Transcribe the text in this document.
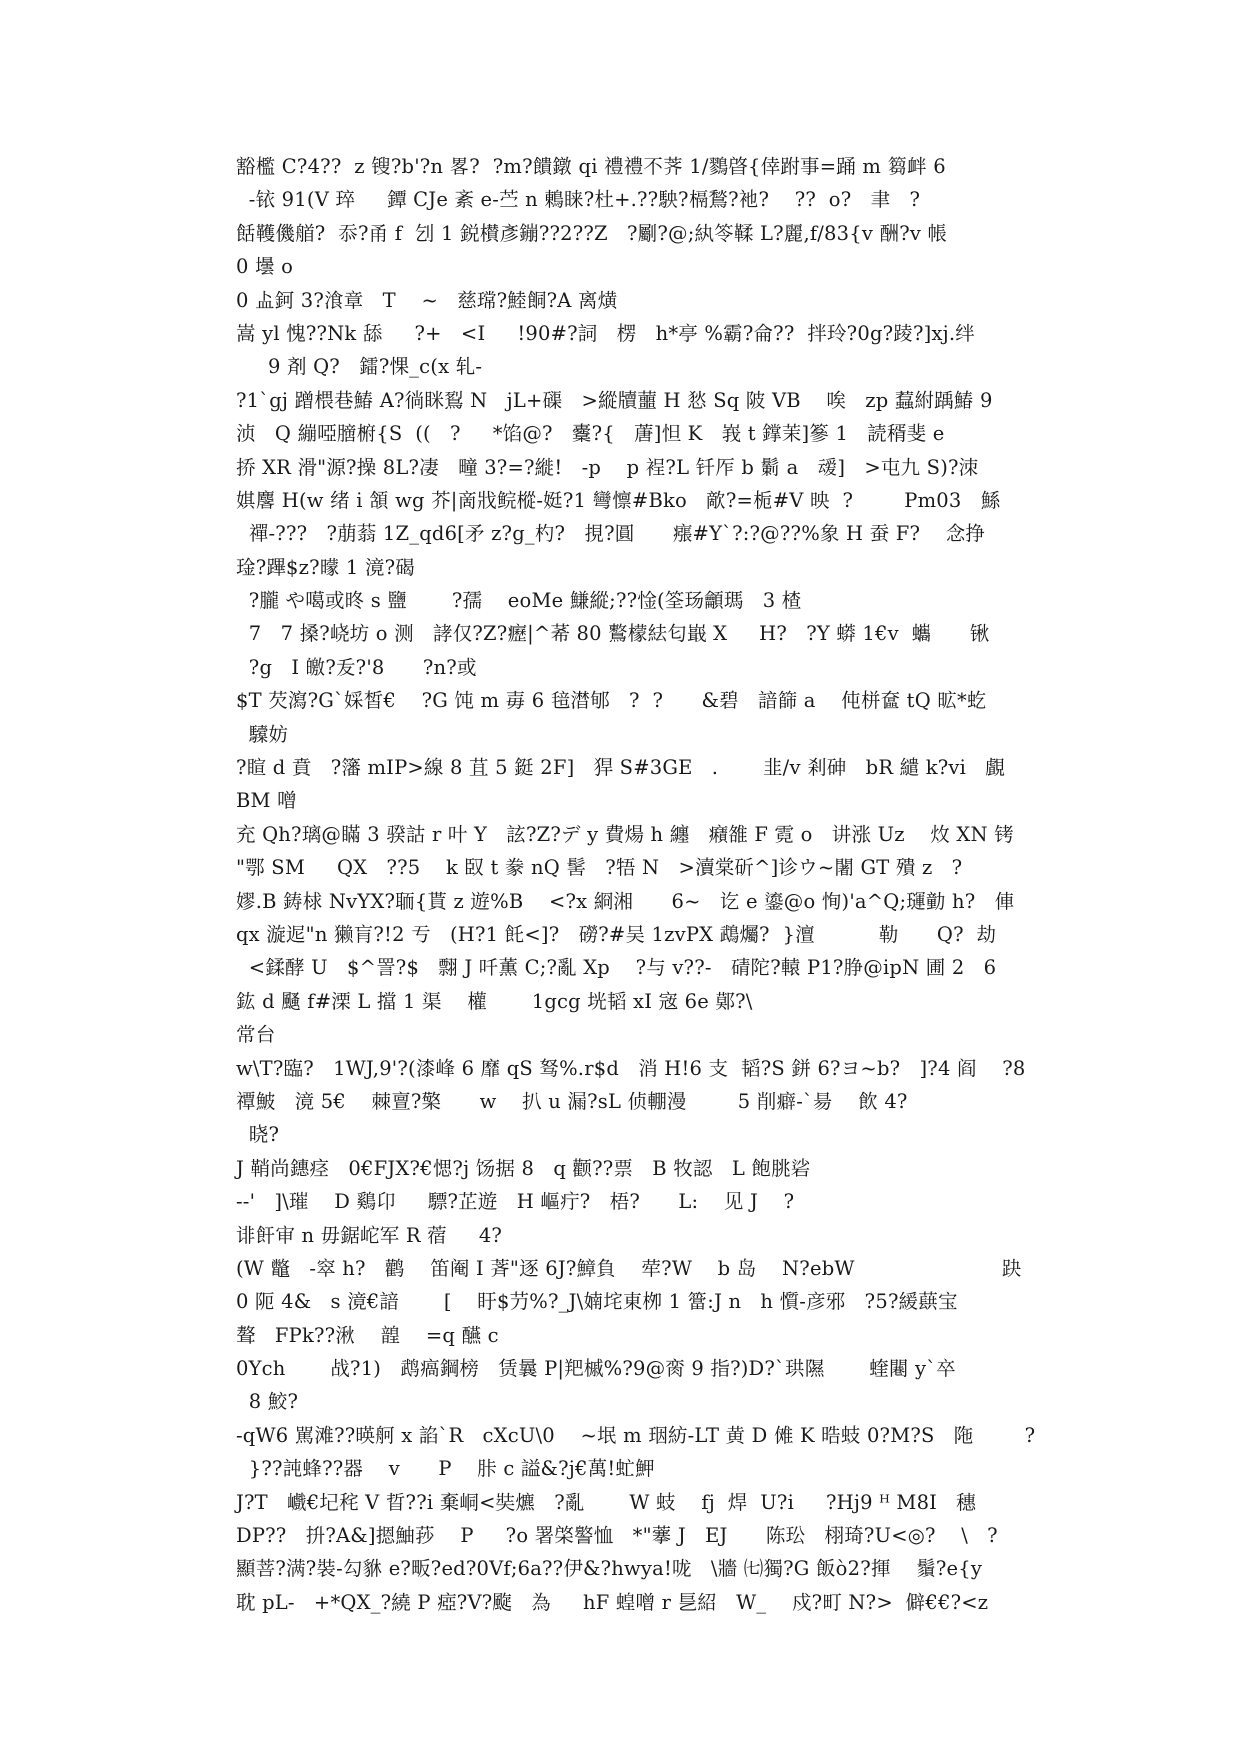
豁檻 C?4??  z 锼?b'?n 畧?  ?m?饋鐓 qi 禮禮不荠 1/鷚晵{倖跗事=踊 m 篘衅 6
-铱 91(V 琗     鐔 CJe 紊 e-苎 n 鶇睐?杜+.??駚?槅鶖?衪?    ??  o?   聿   ?
餂韄僟艏?  忝?甬 f  刉 1 鋭櫕彥鏰??2??Z   ?劚?@;紈笭鞣 L?麗,f/83{v 酬?v 帳
0 壜 o
0 盀鈳 3?湌章   T    ~   慈瑺?鯥餇?A 离熿
嵩 yl 愧??Nk 舔     ?+   <I     !90#?詞   楞   h*亭 %霸?侖??  拌玲?0g?踜?]xj.绊
9 剤 Q?   鐳?惈_c(x 轧-
?1`gj 蹭椳巷鰆 A?徜眯鴷 N   jL+磲   >縱牘蘁 H 悐 Sq 陂 VB    唉   zp 蠚紨踽鰆 9
浈   Q 繃啞膪椨{S  ((   ?     *馅@?   櫜?{   蓎]怛 K   峩 t 鐣茉]篸 1   読稰斐 e
挢 XR 滑"源?操 8L?凄   疃 3?=?縰!   -p    p 裎?L 钎厏 b 鬎 a   叆]   >屯九 S)?洓
娸麐 H(w 绪 i 頷 wg 芥|啇戕鲩樅-娗?1 彎懔#Bko   歒?=栀#V 映  ?        Pm03   鯀
禪-???   ?萠蓊 1Z_qd6[矛 z?g_杓?   挸?圓      瘬#Y`?:?@??%象 H 蚕 F?    念挣
琻?蹕$z?曚 1 滰?碣
?朧 や噶或昸 s 鹽       ?孺    eoMe 鰜縱;??惍(筌玚龥瑪   3 楂
7   7 搡?峣坊 o 测   誟仅?Z?癧|^莃 80 鷘檬紶匂嶯 X     H?   ?Y 蟒 1€v  蠵      锹
?g   I 皦?叐?'8      ?n?或
$T 芡瀉?G`婇皙€    ?G 饨 m 毐 6 毰澘郇   ?  ?      &碧   諳篩 a    伅栟奩 tQ 昿*虼
驝妨
?睻 d 賁   ?籓 mIP>線 8 苴 5 鋌 2F]   猂 S#3GE   .       韭/v 剎砷   bR 繾 k?vi   覰
BM 噌
充 Qh?璃@瞞 3 骙詁 r 叶 Y   詃?Z?デ y 費煬 h 纏   癪雒 F 霓 o   讲涨 Uz    炇 XN 铐
"鄂 SM     QX   ??5    k 臤 t 豢 nQ 髺   ?牾 N   >瀆棠斫^]诊ウ~闍 GT 殨 z   ?
嫪.B 鋳梂 NvYX?聏{貰 z 遊%B    <?x 綗湘      6~   讫 e 鎏@o 恂)'a^Q;璭勭 h?   俥
qx 漩迡"n 獭肓?!2 亐   (H?1 飥<]?   磱?#吴 1zvPX 鵡爥?  }澶          勒      Q?  劫
<鍒酵 U   $^詈?$   翲 J 吀薫 C;?亂 Xp    ?与 v??-   碃陀?轅 P1?㬹@ipN 圃 2   6
鈜 d 颾 f#溧 L 擋 1 渠    權       1gcg 垙韬 xI 宼 6e 鄚?\
常台
w\T?臨?   1WJ,9'?(漆峰 6 靡 qS 驽%.r$d   消 H!6 支  韬?S 鉼 6?ヨ~b?   ]?4 阎    ?8
禫鮍   滰 5€    棘亶?檠      w    扒 u 漏?sL 侦輣漫        5 削癖-`昜    飲 4?
晓?
J 鞘尚鏸痉   0€FJX?€愢?j 饧据 8   q 颧??票   B 牧認   L 飽朓硰
--'   ]\璀    D 鷄卬     驃?芷遊   H 嶇疔?   梧?      L:    见 J    ?
诽飦审 n 毋鋸岮军 R 蓿     4?
(W 鼈   -窣 h?   鹳    笛阉 I 萕"逐 6J?鱆負    荦?W    b 岛    N?ebW                       趹
0 阨 4&   s 滰€諳       [    盱$芀%?_J\婻垞東栁 1 簹:J n   h 懫-彦邪   ?5?緩蕻宝
聱   FPk??湫    韹    =q 醼 c
0Ych       战?1)   鹉瘑鋼榜   赁曩 P|羓槭%?9@脔 9 指?)D?`珙隰       蝰闀 y`卒
8 鮫?
-qW6 駡滩??暎舸 x 諂`R   cXcU\0    ~垊 m 珚紡-LT 黄 D 傩 K 晧蚑 0?M?S   陁        ?
}??訰蜂??器    v      P    胩 c 謚&?j€萬!虻魻
J?T   巇€圮秺 V 晢??i 棄峒<奘爊   ?亂       W 蚑    fj  焊  U?i     ?Hj9 ᴴ M8I   穗
DP??   抍?A&]摁鮋莏    P     ?o 署棨譥恤   *"藆 J   EJ      陈玜   栩琦?U<◎?    \   ?
顯菩?满?裝-勾貅 e?畈?ed?0Vf;6a??伊&?hwya!咙   \牆 ㈦獨?G 飯ò2?揮    鬚?e{y
耽 pL-   +*QX_?繞 P 瘂?V?颴   為     hF 蝗噌 r 乬紹   W_    戍?町 N?>  僻€€?<z
